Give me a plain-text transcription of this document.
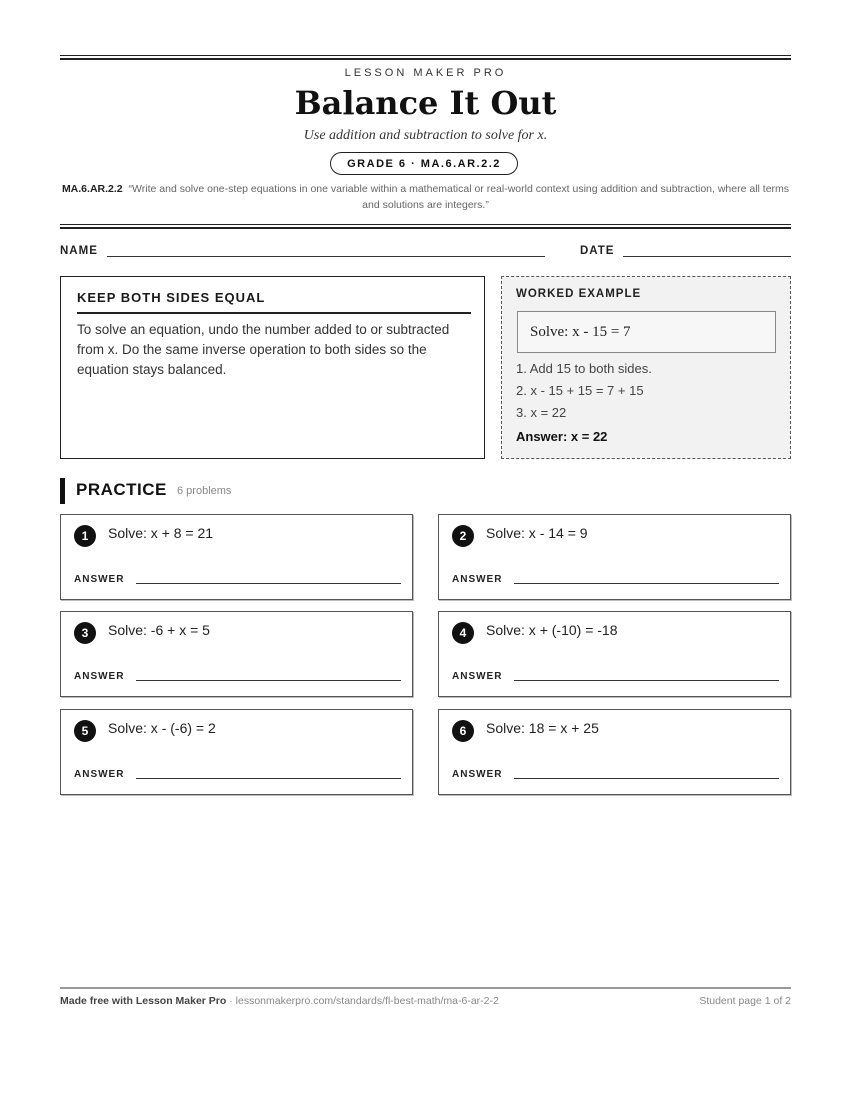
LESSON MAKER PRO
Balance It Out
Use addition and subtraction to solve for x.
GRADE 6 · MA.6.AR.2.2
MA.6.AR.2.2 “Write and solve one-step equations in one variable within a mathematical or real-world context using addition and subtraction, where all terms and solutions are integers.”
NAME	DATE
KEEP BOTH SIDES EQUAL
To solve an equation, undo the number added to or subtracted from x. Do the same inverse operation to both sides so the equation stays balanced.
WORKED EXAMPLE
Solve: x - 15 = 7
1. Add 15 to both sides.
2. x - 15 + 15 = 7 + 15
3. x = 22
Answer: x = 22
PRACTICE 6 problems
1	Solve: x + 8 = 21
ANSWER
2	Solve: x - 14 = 9
ANSWER
3	Solve: -6 + x = 5
ANSWER
4	Solve: x + (-10) = -18
ANSWER
5	Solve: x - (-6) = 2
ANSWER
6	Solve: 18 = x + 25
ANSWER
Made free with Lesson Maker Pro · lessonmakerpro.com/standards/fl-best-math/ma-6-ar-2-2	Student page 1 of 2
